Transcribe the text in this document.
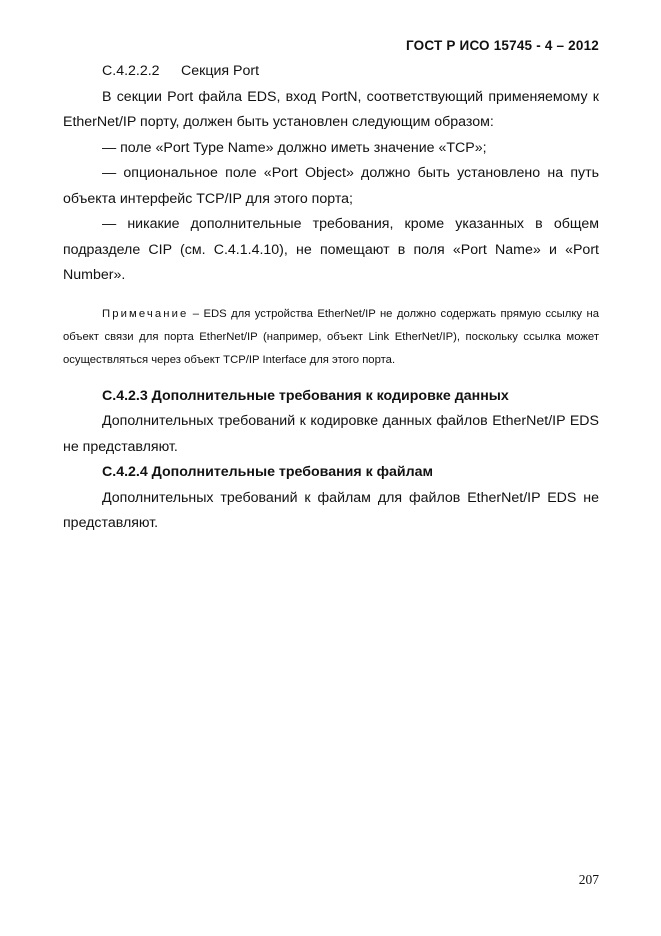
ГОСТ Р ИСО 15745 - 4 – 2012
C.4.2.2.2	Секция Port

В секции Port файла EDS, вход PortN, соответствующий применяемому к EtherNet/IP порту, должен быть установлен следующим образом:

— поле «Port Type Name» должно иметь значение «TCP»;

— опциональное поле «Port Object» должно быть установлено на путь объекта интерфейс TCP/IP для этого порта;

— никакие дополнительные требования, кроме указанных в общем подразделе CIP (см. C.4.1.4.10), не помещают в поля «Port Name» и «Port Number».

Примечание – EDS для устройства EtherNet/IP не должно содержать прямую ссылку на объект связи для порта EtherNet/IP (например, объект Link EtherNet/IP), поскольку ссылка может осуществляться через объект TCP/IP Interface для этого порта.

C.4.2.3 Дополнительные требования к кодировке данных

Дополнительных требований к кодировке данных файлов EtherNet/IP EDS не представляют.

C.4.2.4 Дополнительные требования к файлам

Дополнительных требований к файлам для файлов EtherNet/IP EDS не представляют.

207
